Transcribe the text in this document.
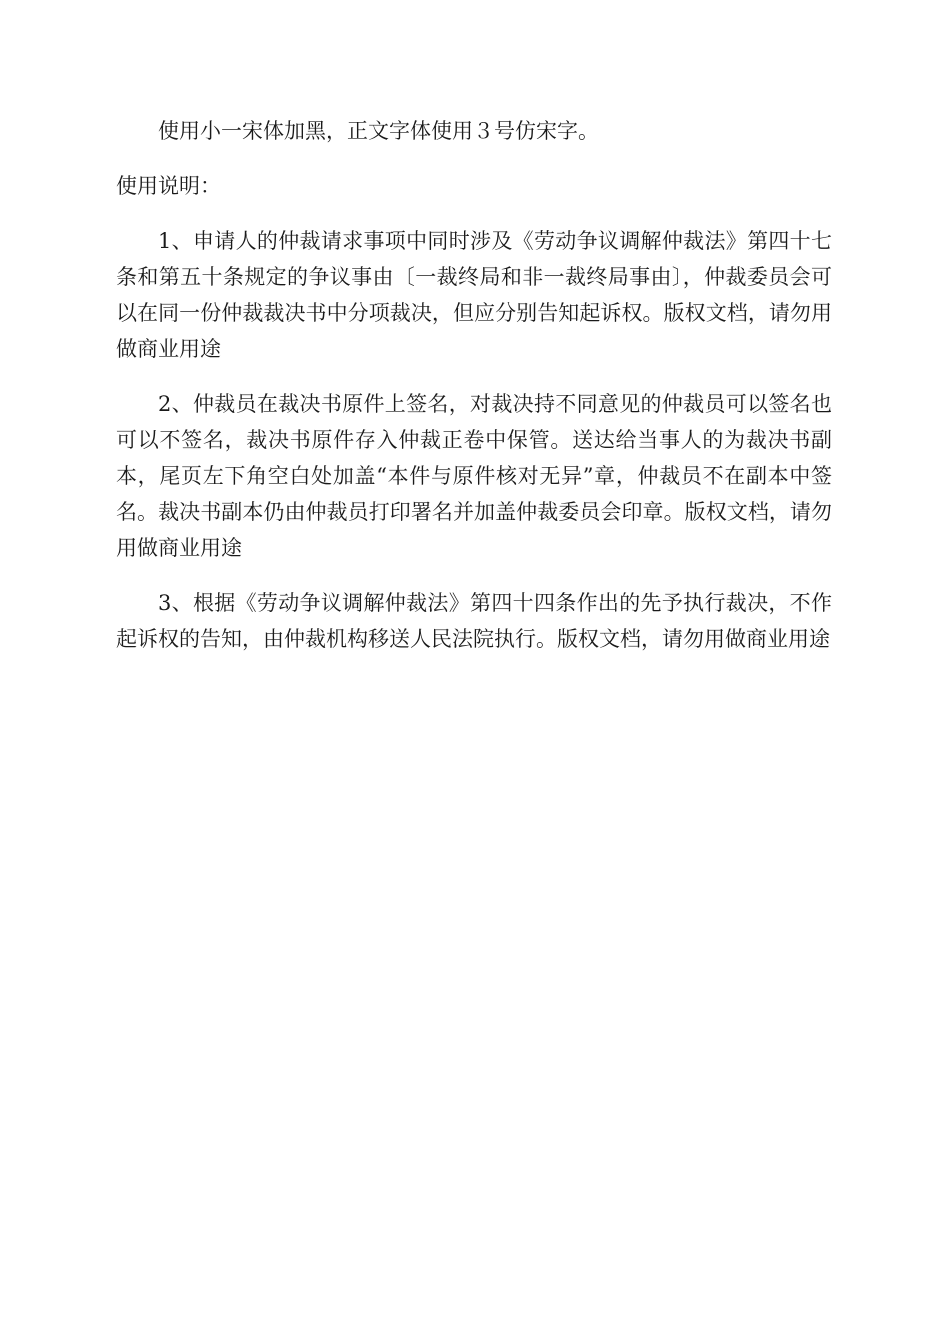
使用小一宋体加黑，正文字体使用３号仿宋字。

使用说明：

1、申请人的仲裁请求事项中同时涉及《劳动争议调解仲裁法》第四十七条和第五十条规定的争议事由〔一裁终局和非一裁终局事由〕，仲裁委员会可以在同一份仲裁裁决书中分项裁决，但应分别告知起诉权。版权文档，请勿用做商业用途

2、仲裁员在裁决书原件上签名，对裁决持不同意见的仲裁员可以签名也可以不签名，裁决书原件存入仲裁正卷中保管。送达给当事人的为裁决书副本，尾页左下角空白处加盖“本件与原件核对无异”章，仲裁员不在副本中签名。裁决书副本仍由仲裁员打印署名并加盖仲裁委员会印章。版权文档，请勿用做商业用途

3、根据《劳动争议调解仲裁法》第四十四条作出的先予执行裁决，不作起诉权的告知，由仲裁机构移送人民法院执行。版权文档，请勿用做商业用途
